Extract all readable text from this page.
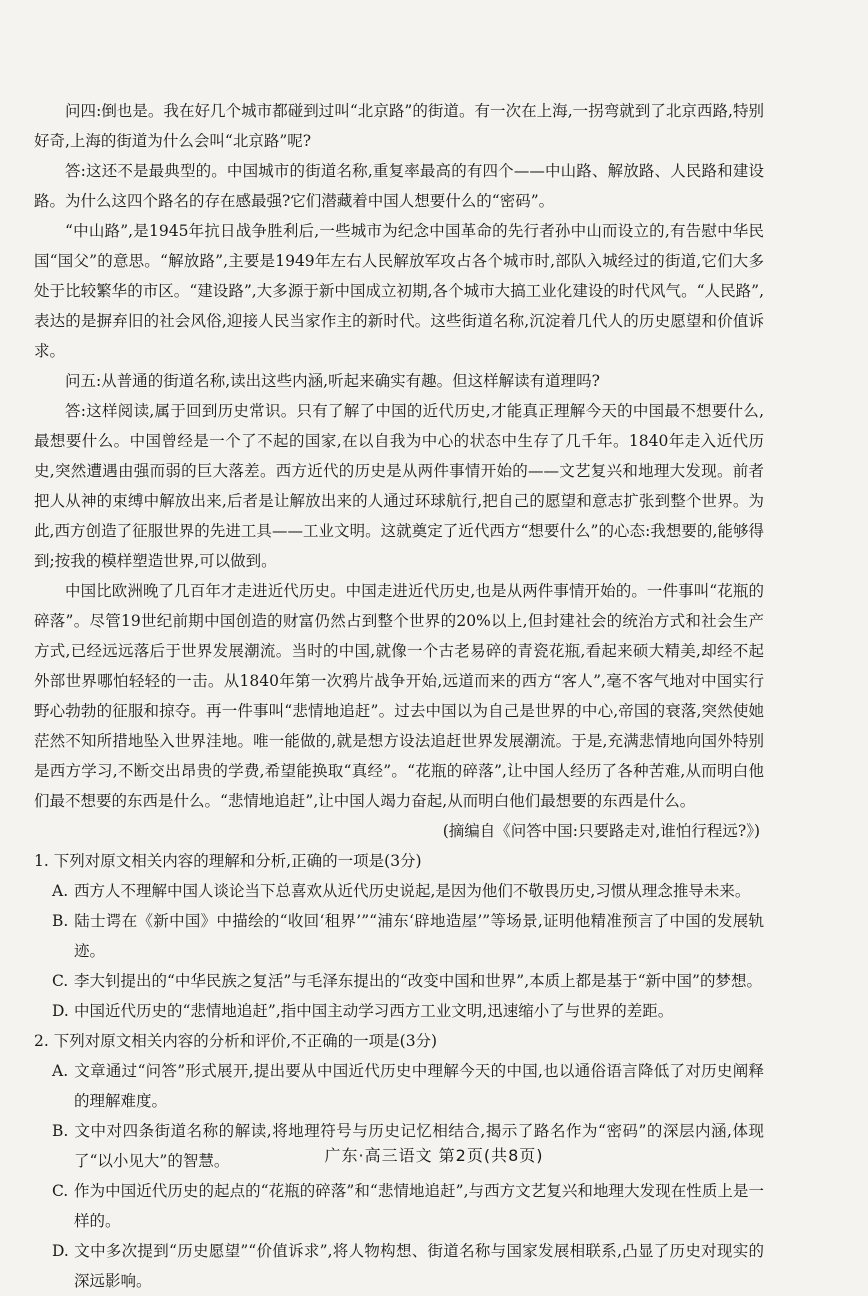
问四:倒也是。我在好几个城市都碰到过叫“北京路”的街道。有一次在上海,一拐弯就到了北京西路,特别好奇,上海的街道为什么会叫“北京路”呢?

答:这还不是最典型的。中国城市的街道名称,重复率最高的有四个——中山路、解放路、人民路和建设路。为什么这四个路名的存在感最强?它们潜藏着中国人想要什么的“密码”。

“中山路”,是1945年抗日战争胜利后,一些城市为纪念中国革命的先行者孙中山而设立的,有告慰中华民国“国父”的意思。“解放路”,主要是1949年左右人民解放军攻占各个城市时,部队入城经过的街道,它们大多处于比较繁华的市区。“建设路”,大多源于新中国成立初期,各个城市大搞工业化建设的时代风气。“人民路”,表达的是摒弃旧的社会风俗,迎接人民当家作主的新时代。这些街道名称,沉淀着几代人的历史愿望和价值诉求。

问五:从普通的街道名称,读出这些内涵,听起来确实有趣。但这样解读有道理吗?

答:这样阅读,属于回到历史常识。只有了解了中国的近代历史,才能真正理解今天的中国最不想要什么,最想要什么。中国曾经是一个了不起的国家,在以自我为中心的状态中生存了几千年。1840年走入近代历史,突然遭遇由强而弱的巨大落差。西方近代的历史是从两件事情开始的——文艺复兴和地理大发现。前者把人从神的束缚中解放出来,后者是让解放出来的人通过环球航行,把自己的愿望和意志扩张到整个世界。为此,西方创造了征服世界的先进工具——工业文明。这就奠定了近代西方“想要什么”的心态:我想要的,能够得到;按我的模样塑造世界,可以做到。

中国比欧洲晚了几百年才走进近代历史。中国走进近代历史,也是从两件事情开始的。一件事叫“花瓶的碎落”。尽管19世纪前期中国创造的财富仍然占到整个世界的20%以上,但封建社会的统治方式和社会生产方式,已经远远落后于世界发展潮流。当时的中国,就像一个古老易碎的青瓷花瓶,看起来硕大精美,却经不起外部世界哪怕轻轻的一击。从1840年第一次鸦片战争开始,远道而来的西方“客人”,毫不客气地对中国实行野心勃勃的征服和掠夺。再一件事叫“悲情地追赶”。过去中国以为自己是世界的中心,帝国的衰落,突然使她茫然不知所措地坠入世界洼地。唯一能做的,就是想方设法追赶世界发展潮流。于是,充满悲情地向国外特别是西方学习,不断交出昂贵的学费,希望能换取“真经”。“花瓶的碎落”,让中国人经历了各种苦难,从而明白他们最不想要的东西是什么。“悲情地追赶”,让中国人竭力奋起,从而明白他们最想要的东西是什么。

(摘编自《问答中国:只要路走对,谁怕行程远?》)

1. 下列对原文相关内容的理解和分析,正确的一项是(3分)

A. 西方人不理解中国人谈论当下总喜欢从近代历史说起,是因为他们不敬畏历史,习惯从理念推导未来。

B. 陆士谔在《新中国》中描绘的“收回‘租界’”“浦东‘辟地造屋’”等场景,证明他精准预言了中国的发展轨迹。

C. 李大钊提出的“中华民族之复活”与毛泽东提出的“改变中国和世界”,本质上都是基于“新中国”的梦想。

D. 中国近代历史的“悲情地追赶”,指中国主动学习西方工业文明,迅速缩小了与世界的差距。

2. 下列对原文相关内容的分析和评价,不正确的一项是(3分)

A. 文章通过“问答”形式展开,提出要从中国近代历史中理解今天的中国,也以通俗语言降低了对历史阐释的理解难度。

B. 文中对四条街道名称的解读,将地理符号与历史记忆相结合,揭示了路名作为“密码”的深层内涵,体现了“以小见大”的智慧。

C. 作为中国近代历史的起点的“花瓶的碎落”和“悲情地追赶”,与西方文艺复兴和地理大发现在性质上是一样的。

D. 文中多次提到“历史愿望”“价值诉求”,将人物构想、街道名称与国家发展相联系,凸显了历史对现实的深远影响。

广东·高三语文 第2页(共8页)
